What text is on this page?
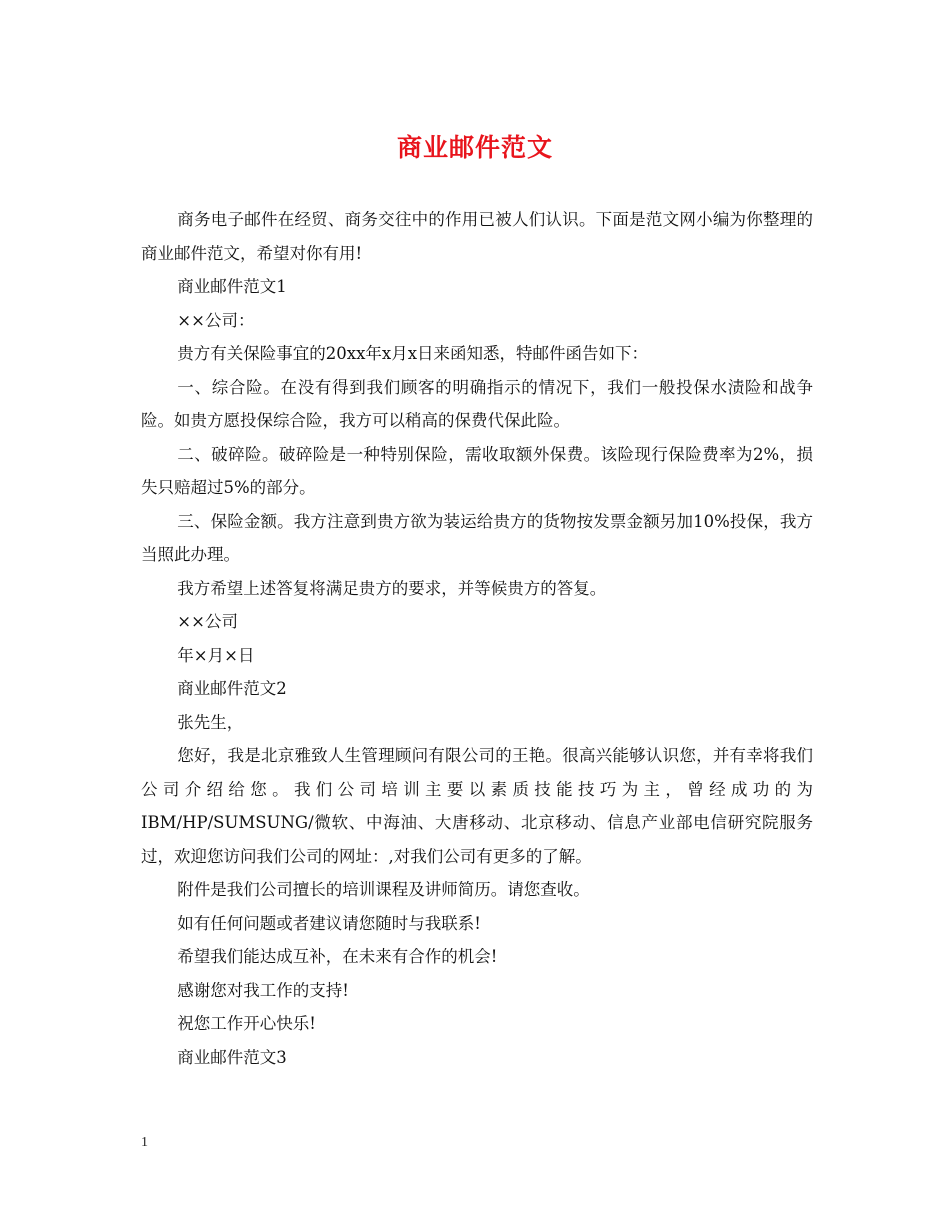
商业邮件范文

商务电子邮件在经贸、商务交往中的作用已被人们认识。下面是范文网小编为你整理的商业邮件范文，希望对你有用!

商业邮件范文1

××公司：

贵方有关保险事宜的20xx年x月x日来函知悉，特邮件函告如下：

一、综合险。在没有得到我们顾客的明确指示的情况下，我们一般投保水渍险和战争险。如贵方愿投保综合险，我方可以稍高的保费代保此险。

二、破碎险。破碎险是一种特别保险，需收取额外保费。该险现行保险费率为2%，损失只赔超过5%的部分。

三、保险金额。我方注意到贵方欲为装运给贵方的货物按发票金额另加10%投保，我方当照此办理。

我方希望上述答复将满足贵方的要求，并等候贵方的答复。

××公司

年×月×日

商业邮件范文2

张先生，

您好，我是北京雅致人生管理顾问有限公司的王艳。很高兴能够认识您，并有幸将我们公司介绍给您。我们公司培训主要以素质技能技巧为主，曾经成功的为IBM/HP/SUMSUNG/微软、中海油、大唐移动、北京移动、信息产业部电信研究院服务过，欢迎您访问我们公司的网址：,对我们公司有更多的了解。

附件是我们公司擅长的培训课程及讲师简历。请您查收。

如有任何问题或者建议请您随时与我联系!

希望我们能达成互补，在未来有合作的机会!

感谢您对我工作的支持!

祝您工作开心快乐!

商业邮件范文3

1
